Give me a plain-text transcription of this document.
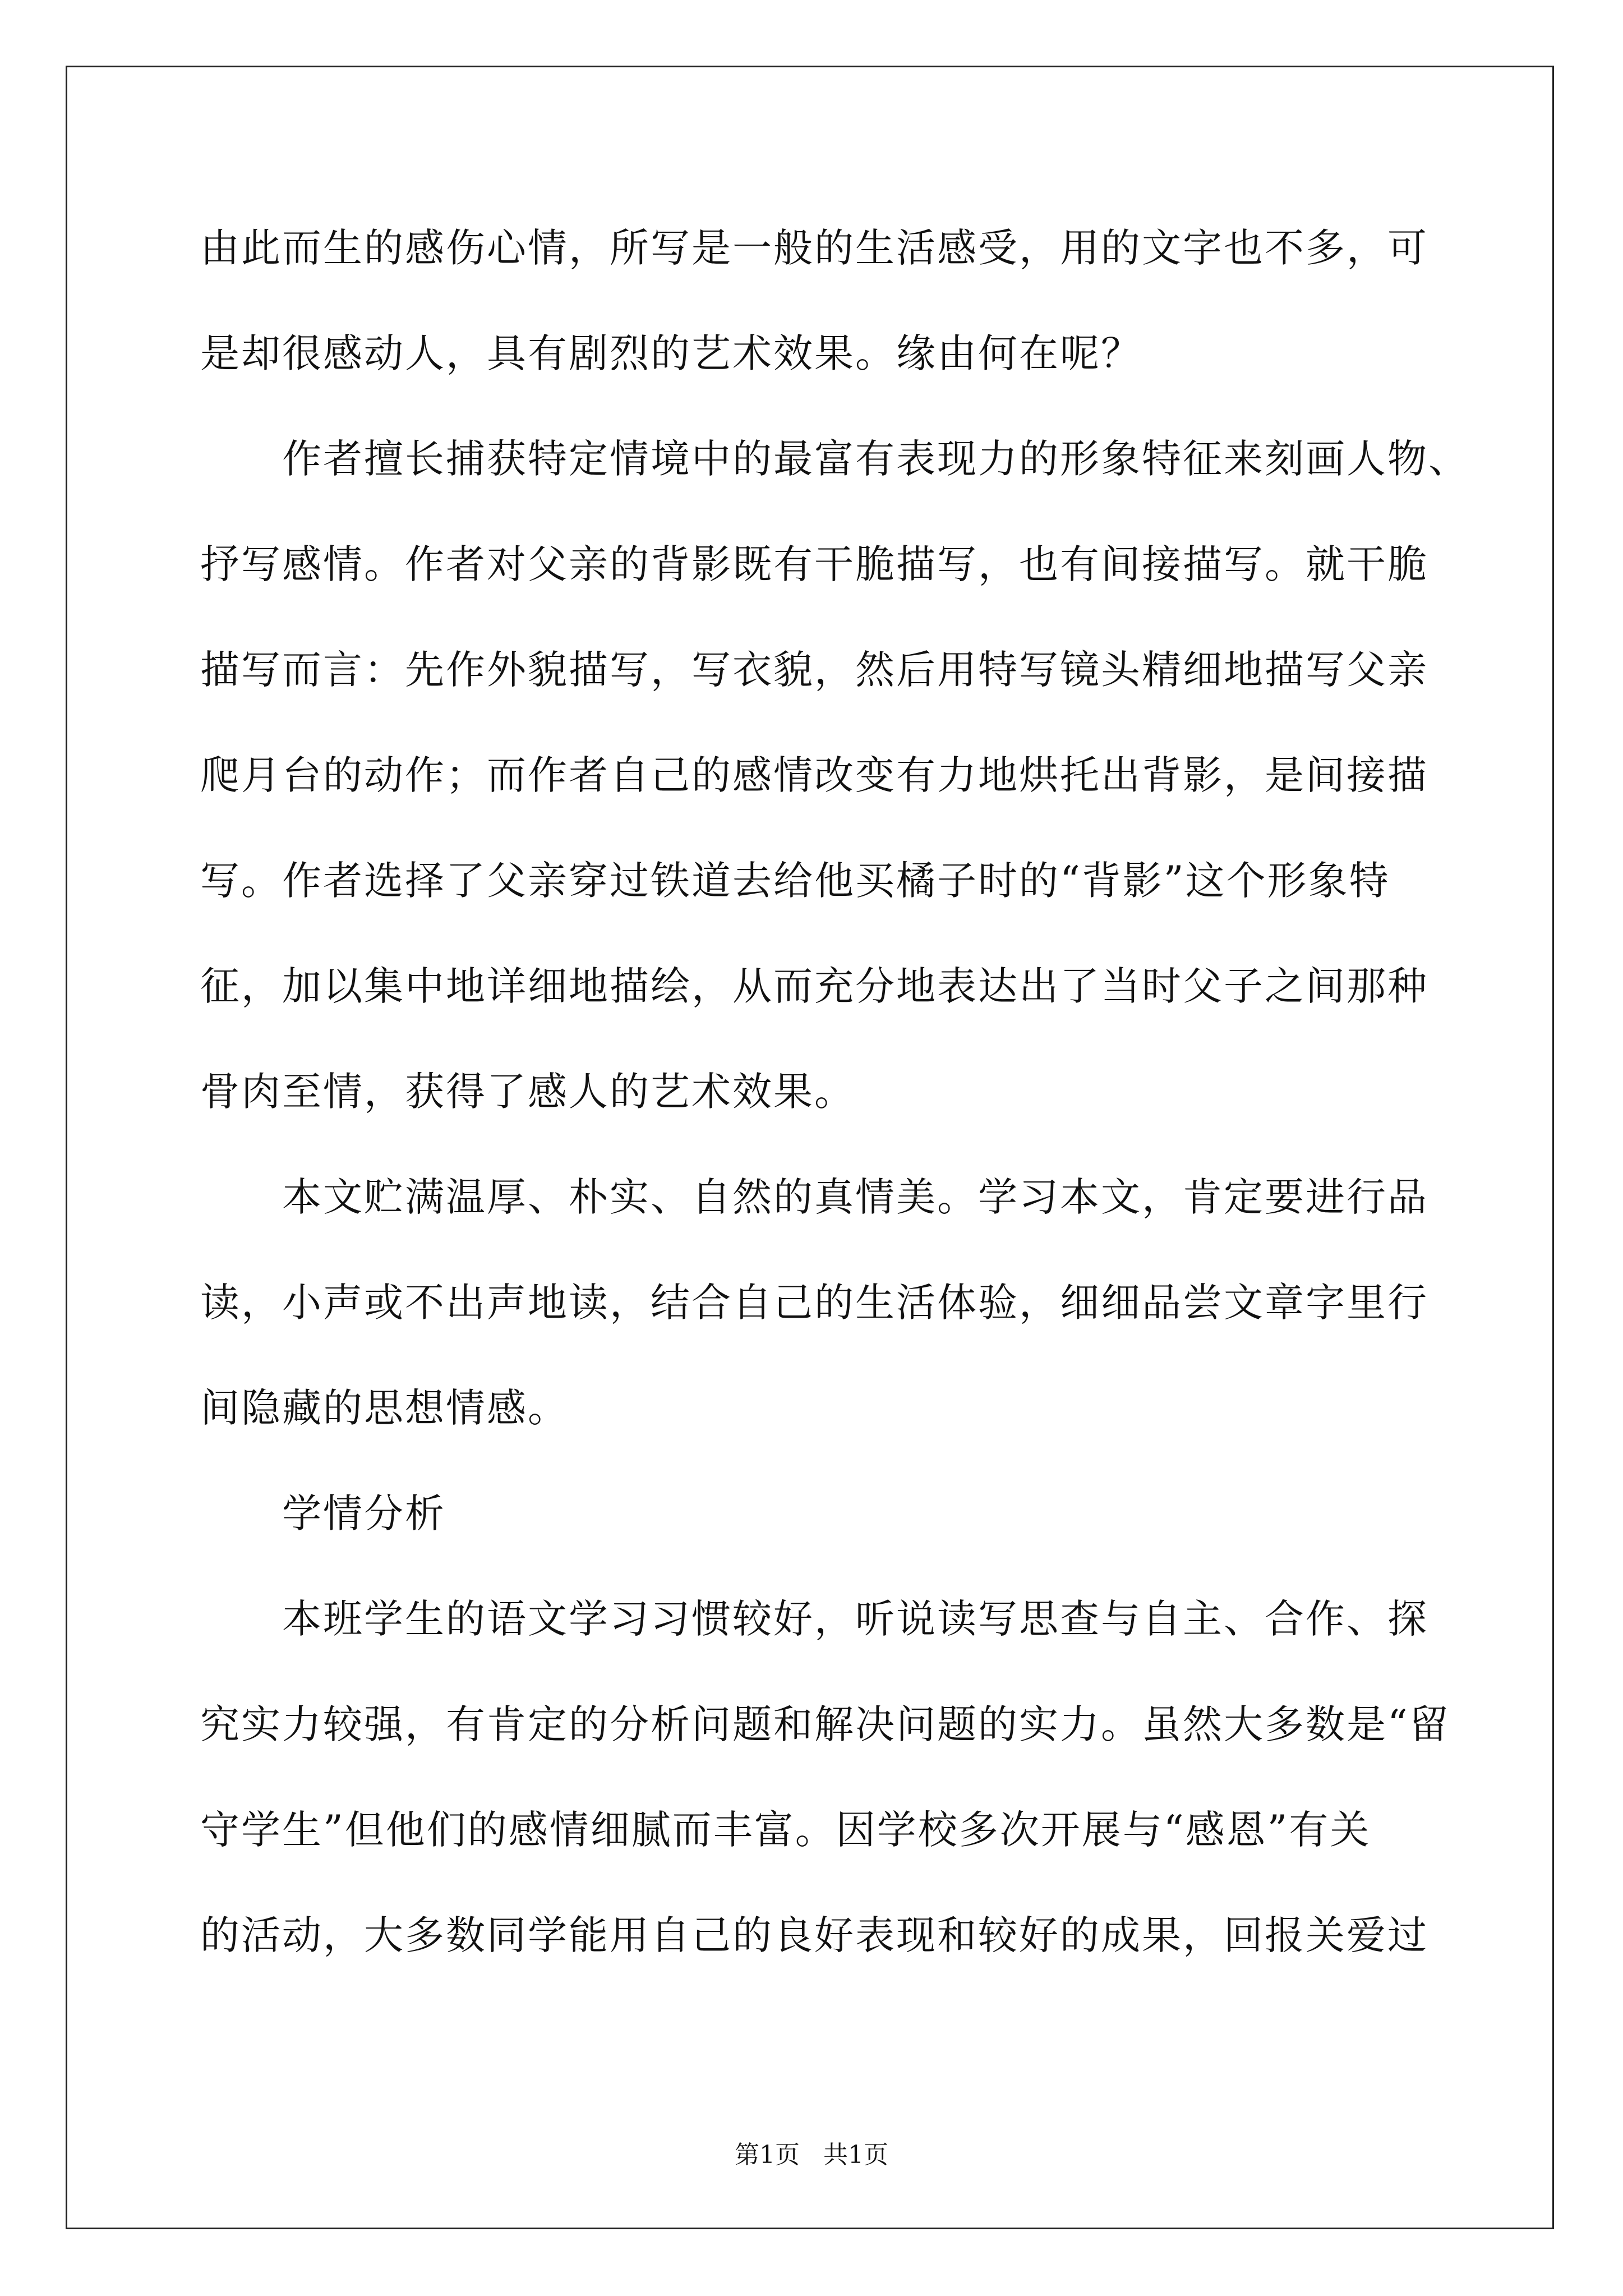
由此而生的感伤心情，所写是一般的生活感受，用的文字也不多，可
是却很感动人，具有剧烈的艺术效果。缘由何在呢？
　　作者擅长捕获特定情境中的最富有表现力的形象特征来刻画人物、
抒写感情。作者对父亲的背影既有干脆描写，也有间接描写。就干脆
描写而言：先作外貌描写，写衣貌，然后用特写镜头精细地描写父亲
爬月台的动作；而作者自己的感情改变有力地烘托出背影，是间接描
写。作者选择了父亲穿过铁道去给他买橘子时的“背影”这个形象特
征，加以集中地详细地描绘，从而充分地表达出了当时父子之间那种
骨肉至情，获得了感人的艺术效果。
　　本文贮满温厚、朴实、自然的真情美。学习本文，肯定要进行品
读，小声或不出声地读，结合自己的生活体验，细细品尝文章字里行
间隐藏的思想情感。
　　学情分析
　　本班学生的语文学习习惯较好，听说读写思查与自主、合作、探
究实力较强，有肯定的分析问题和解决问题的实力。虽然大多数是“留
守学生”但他们的感情细腻而丰富。因学校多次开展与“感恩”有关
的活动，大多数同学能用自己的良好表现和较好的成果，回报关爱过
第1页   共1页
